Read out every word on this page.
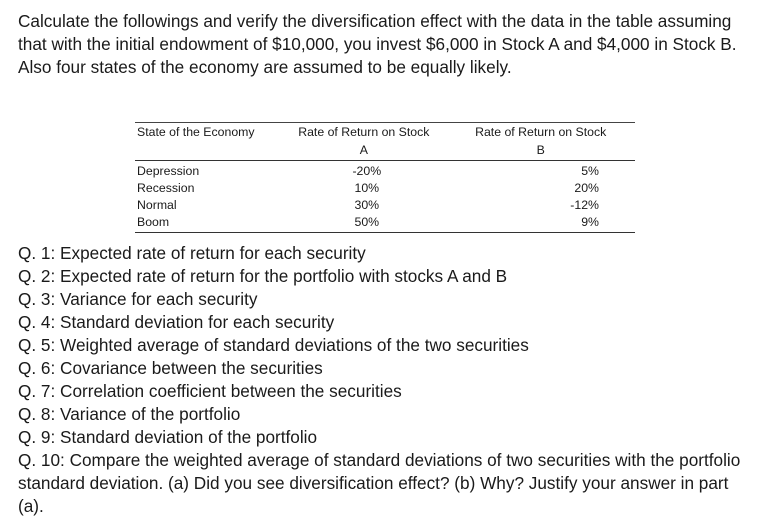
Calculate the followings and verify the diversification effect with the data in the table assuming that with the initial endowment of $10,000, you invest $6,000 in Stock A and $4,000 in Stock B. Also four states of the economy are assumed to be equally likely.

State of the Economy	Rate of Return on Stock	Rate of Return on Stock
	A	B
Depression	-20%	5%
Recession	10%	20%
Normal	30%	-12%
Boom	50%	9%
Q. 1: Expected rate of return for each security
Q. 2: Expected rate of return for the portfolio with stocks A and B
Q. 3: Variance for each security
Q. 4: Standard deviation for each security
Q. 5: Weighted average of standard deviations of the two securities
Q. 6: Covariance between the securities
Q. 7: Correlation coefficient between the securities
Q. 8: Variance of the portfolio
Q. 9: Standard deviation of the portfolio
Q. 10: Compare the weighted average of standard deviations of two securities with the portfolio standard deviation. (a) Did you see diversification effect? (b) Why? Justify your answer in part (a).
